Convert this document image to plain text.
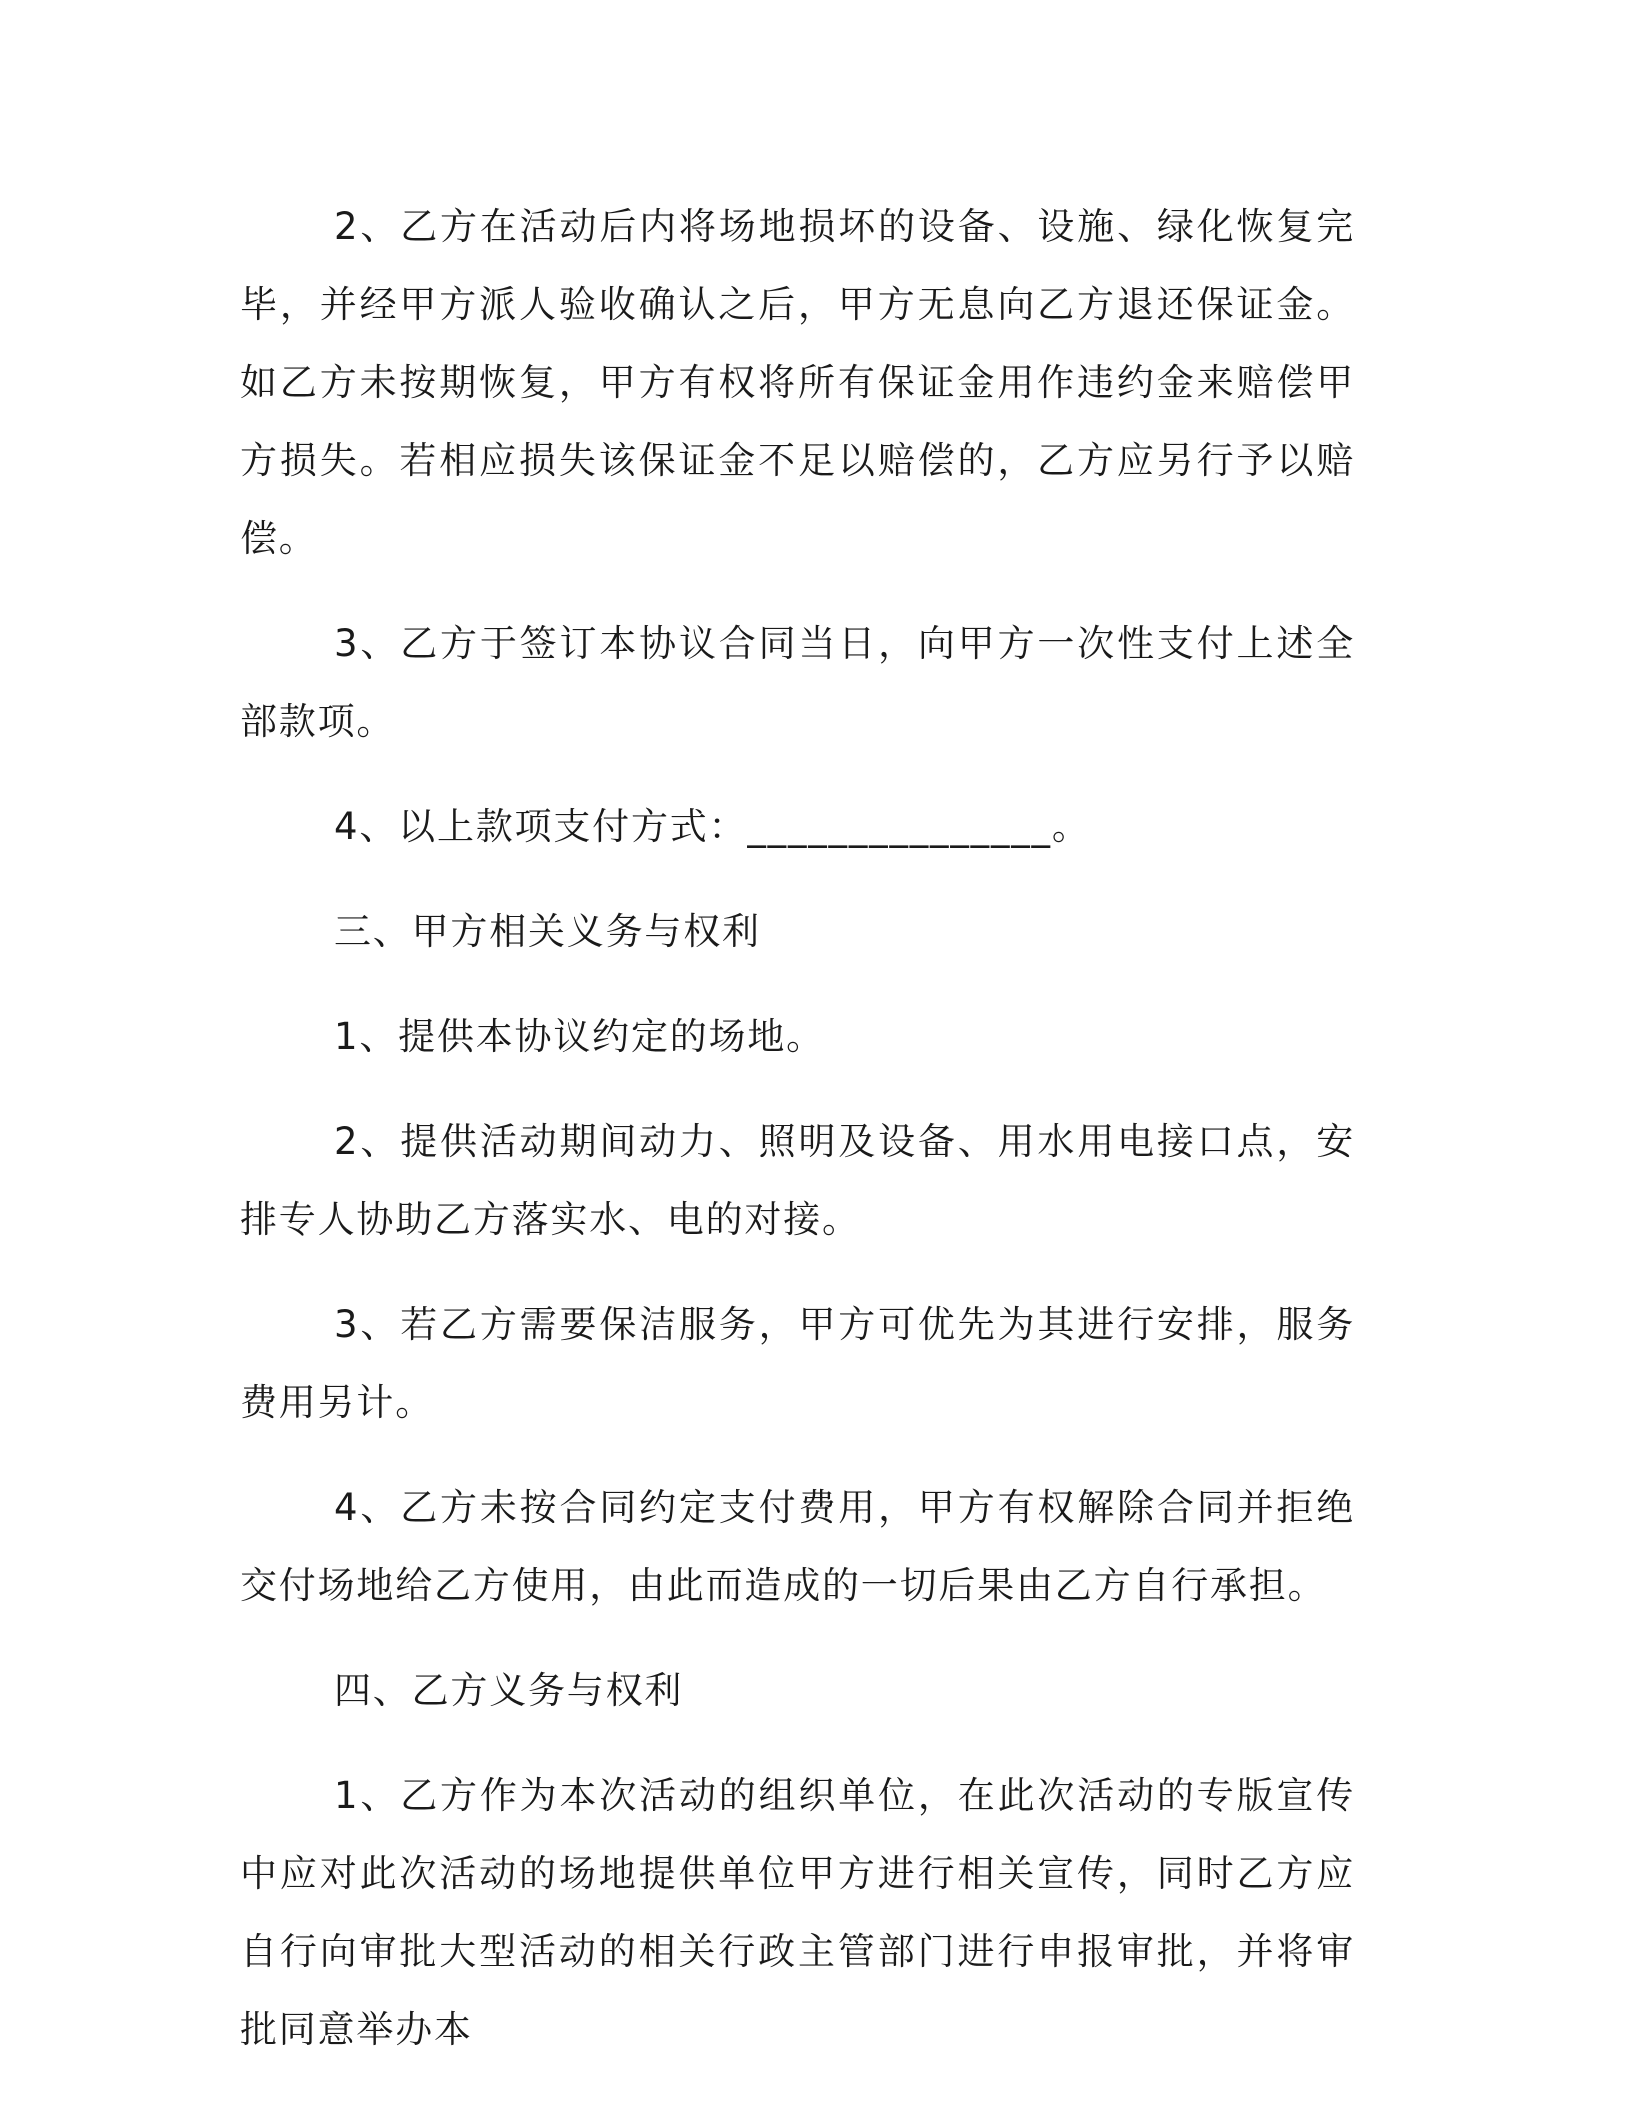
2、乙方在活动后内将场地损坏的设备、设施、绿化恢复完毕，并经甲方派人验收确认之后，甲方无息向乙方退还保证金。如乙方未按期恢复，甲方有权将所有保证金用作违约金来赔偿甲方损失。若相应损失该保证金不足以赔偿的，乙方应另行予以赔偿。

3、乙方于签订本协议合同当日，向甲方一次性支付上述全部款项。

4、以上款项支付方式：_______________。

三、甲方相关义务与权利

1、提供本协议约定的场地。

2、提供活动期间动力、照明及设备、用水用电接口点，安排专人协助乙方落实水、电的对接。

3、若乙方需要保洁服务，甲方可优先为其进行安排，服务费用另计。

4、乙方未按合同约定支付费用，甲方有权解除合同并拒绝交付场地给乙方使用，由此而造成的一切后果由乙方自行承担。

四、乙方义务与权利

1、乙方作为本次活动的组织单位，在此次活动的专版宣传中应对此次活动的场地提供单位甲方进行相关宣传，同时乙方应自行向审批大型活动的相关行政主管部门进行申报审批，并将审批同意举办本
